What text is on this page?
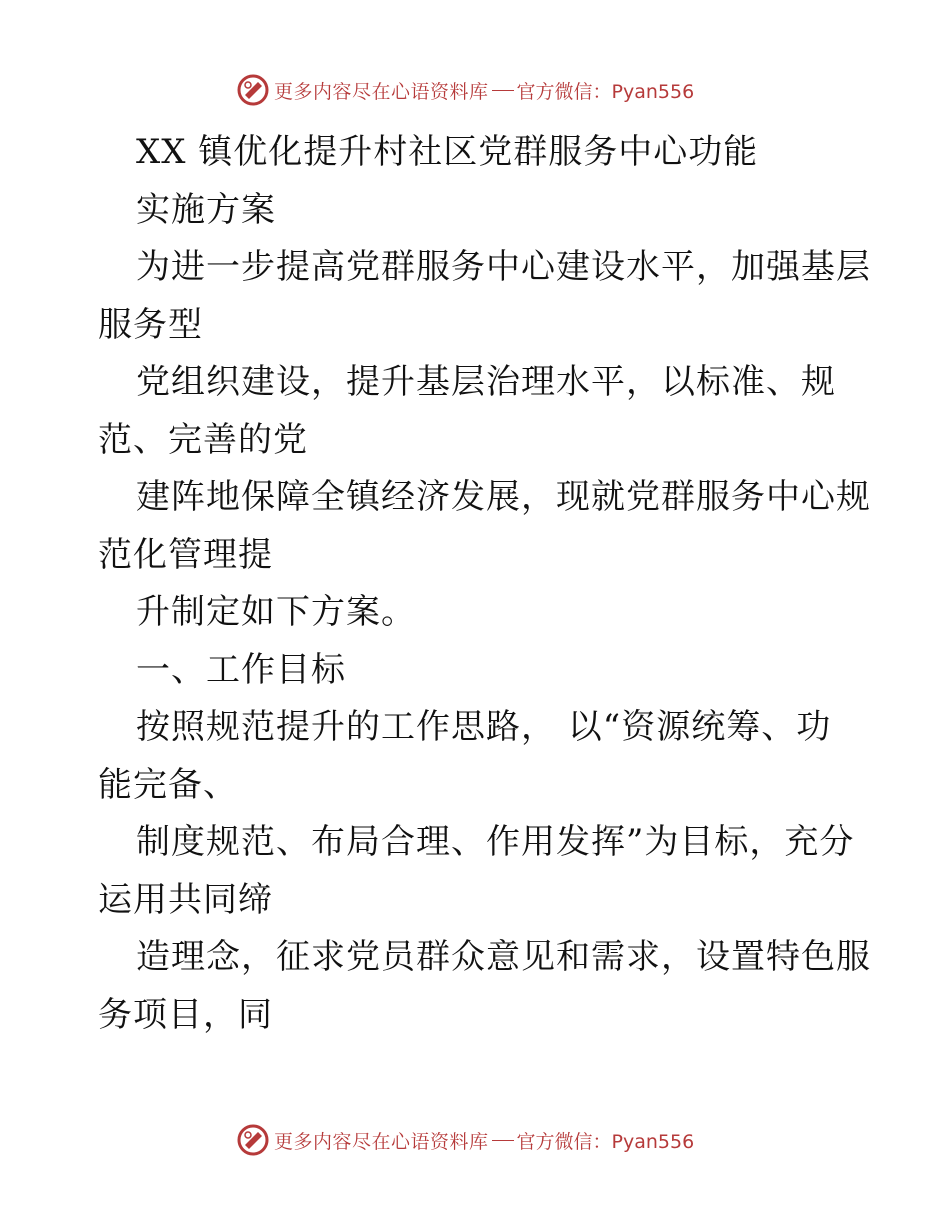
更多内容尽在心语资料库 官方微信：Pyan556

XX 镇优化提升村社区党群服务中心功能

实施方案

为进一步提高党群服务中心建设水平，加强基层

服务型

党组织建设，提升基层治理水平，以标准、规

范、完善的党

建阵地保障全镇经济发展，现就党群服务中心规

范化管理提

升制定如下方案。

一、工作目标

按照规范提升的工作思路， 以“资源统筹、功

能完备、

制度规范、布局合理、作用发挥”为目标，充分

运用共同缔

造理念，征求党员群众意见和需求，设置特色服

务项目，同

更多内容尽在心语资料库 官方微信：Pyan556
